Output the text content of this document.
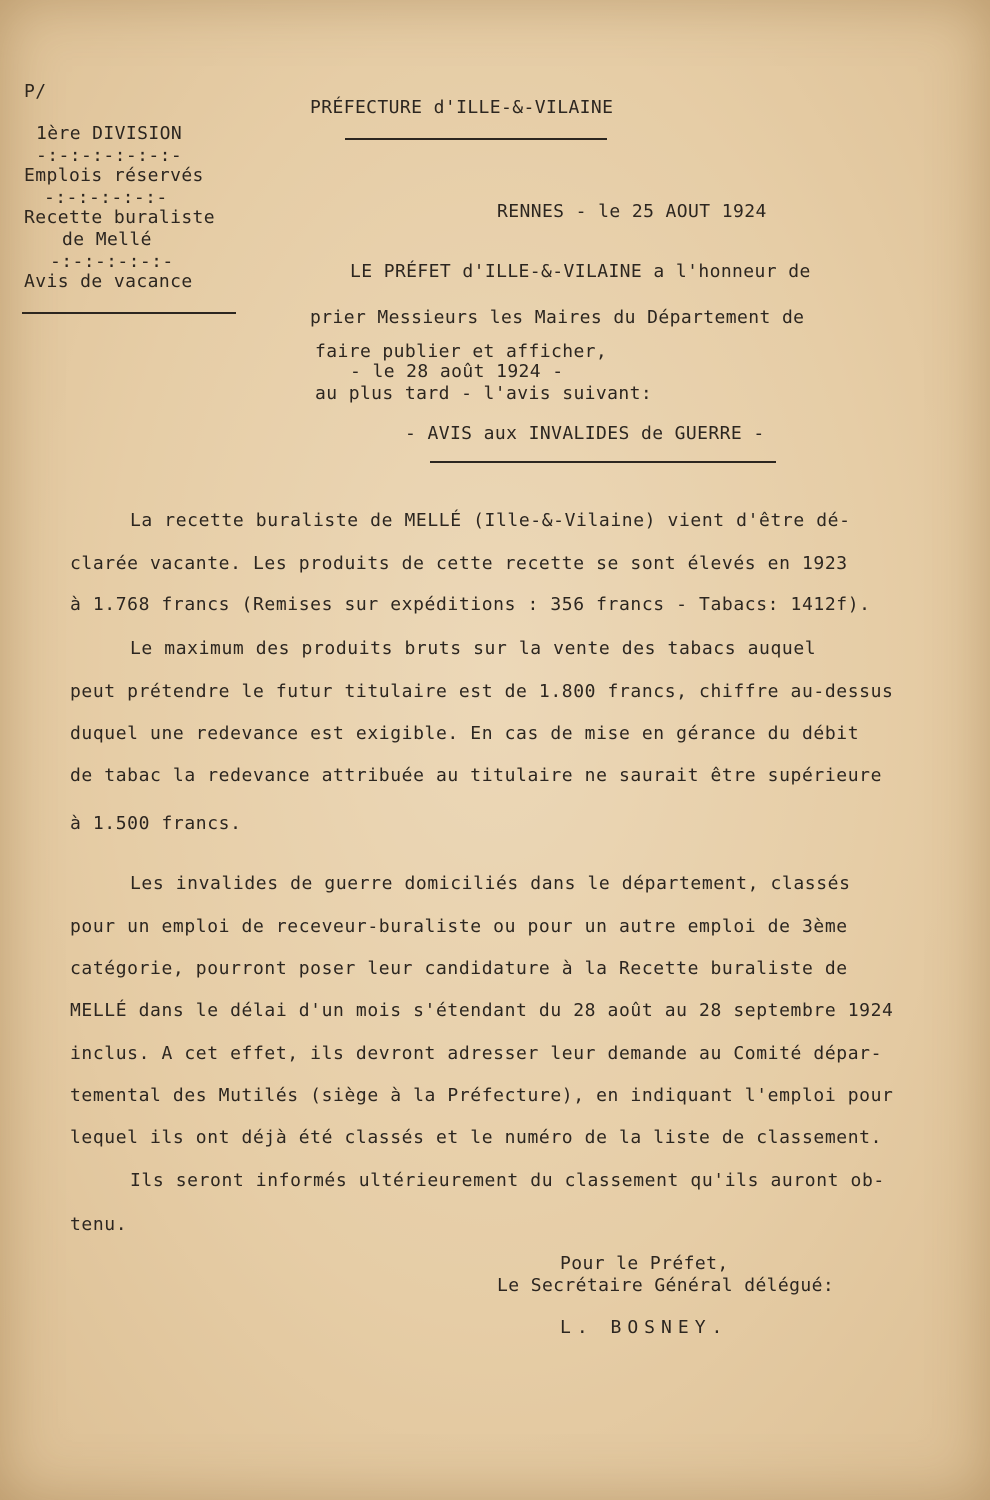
P/
PRÉFECTURE d'ILLE-&-VILAINE
1ère DIVISION
-:-:-:-:-:-:-
Emplois réservés
-:-:-:-:-:-
Recette buraliste
de Mellé
-:-:-:-:-:-
Avis de vacance
RENNES - le 25 AOUT 1924
LE PRÉFET d'ILLE-&-VILAINE a l'honneur de
prier Messieurs les Maires du Département de
faire publier et afficher,
- le 28 août 1924 -
au plus tard - l'avis suivant:
- AVIS aux INVALIDES de GUERRE -
La recette buraliste de MELLÉ (Ille-&-Vilaine) vient d'être dé-
clarée vacante. Les produits de cette recette se sont élevés en 1923
à 1.768 francs (Remises sur expéditions : 356 francs - Tabacs: 1412f).
Le maximum des produits bruts sur la vente des tabacs auquel
peut prétendre le futur titulaire est de 1.800 francs, chiffre au-dessus
duquel une redevance est exigible. En cas de mise en gérance du débit
de tabac la redevance attribuée au titulaire ne saurait être supérieure
à 1.500 francs.
Les invalides de guerre domiciliés dans le département, classés
pour un emploi de receveur-buraliste ou pour un autre emploi de 3ème
catégorie, pourront poser leur candidature à la Recette buraliste de
MELLÉ dans le délai d'un mois s'étendant du 28 août au 28 septembre 1924
inclus. A cet effet, ils devront adresser leur demande au Comité dépar-
temental des Mutilés (siège à la Préfecture), en indiquant l'emploi pour
lequel ils ont déjà été classés et le numéro de la liste de classement.
Ils seront informés ultérieurement du classement qu'ils auront ob-
tenu.
Pour le Préfet,
Le Secrétaire Général délégué:
L. BOSNEY.
